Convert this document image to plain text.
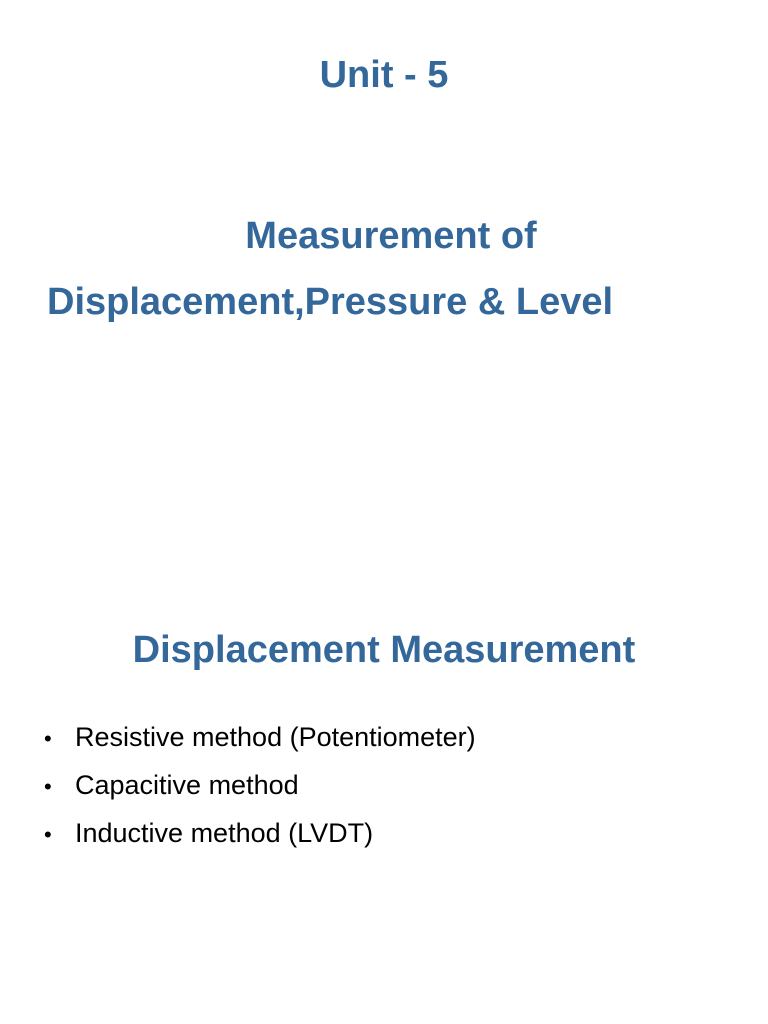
Unit - 5
Measurement of
Displacement,Pressure & Level
Displacement Measurement
• Resistive method (Potentiometer)
• Capacitive method
• Inductive method (LVDT)
